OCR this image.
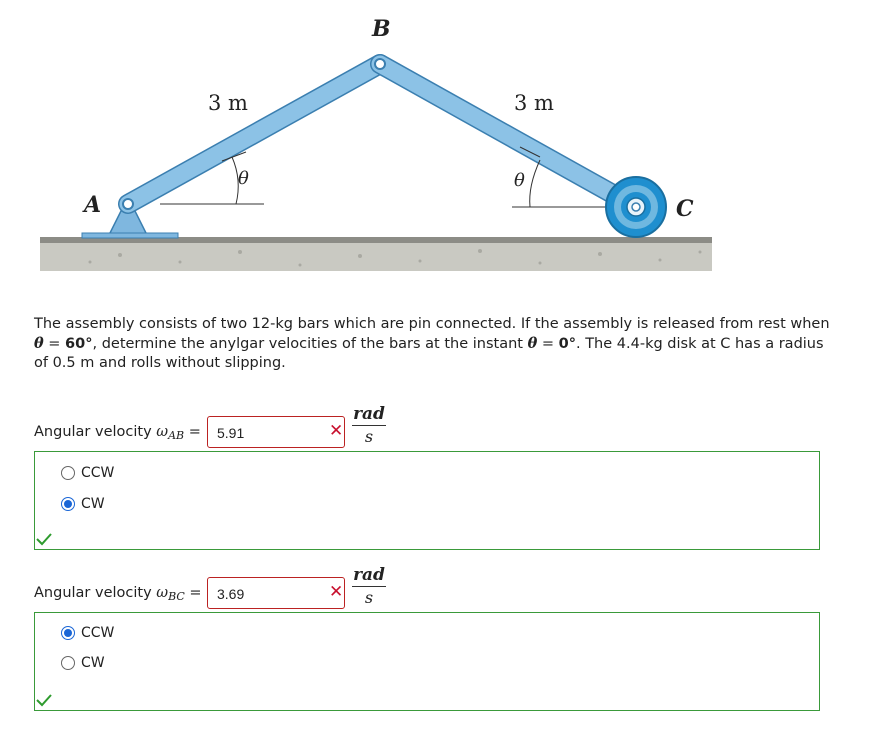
A
B
C
3 m	3 m
θ	θ
The assembly consists of two 12-kg bars which are pin connected. If the assembly is released from rest when θ = 60°, determine the anylgar velocities of the bars at the instant θ = 0°. The 4.4-kg disk at C has a radius of 0.5 m and rolls without slipping.
Angular velocity $\omega_{AB}$ =	5.91	✕
rad
s
CCW
CW
Angular velocity $\omega_{BC}$ =	3.69	✕
rad
s
CCW
CW
